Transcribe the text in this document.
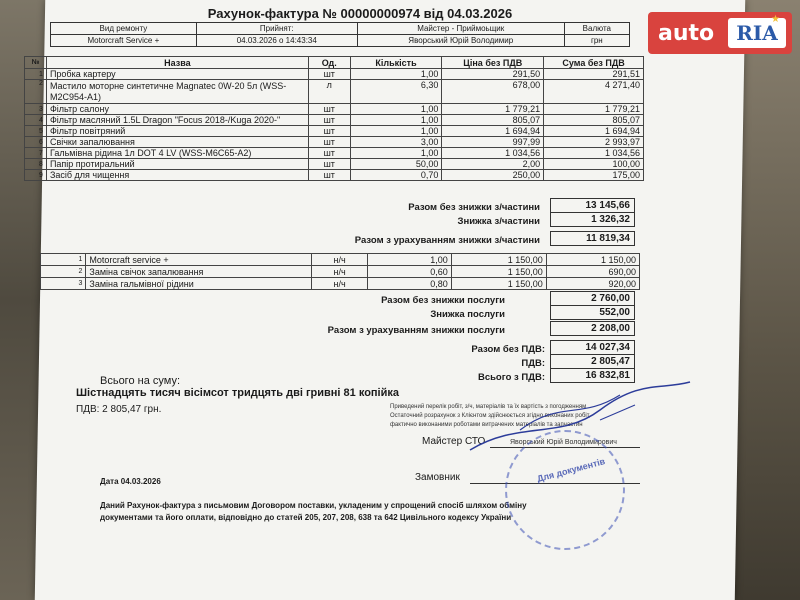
Рахунок-фактура № 00000000974 від 04.03.2026
Вид ремонту	Прийнят:	Майстер - Приймоьщик	Валюта
Motorcraft Service +	04.03.2026 о 14:43:34	Яворський Юрій Володимир	грн
№	Назва	Од.	Кількість	Ціна без ПДВ	Сума без ПДВ
1	Пробка картеру	шт	1,00	291,50	291,51
2	Мастило моторне синтетичне Magnatec 0W-20 5л (WSS-M2C954-A1)	л	6,30	678,00	4 271,40
3	Фільтр салону	шт	1,00	1 779,21	1 779,21
4	Фільтр масляний 1.5L Dragon "Focus 2018-/Kuga 2020-"	шт	1,00	805,07	805,07
5	Фільтр повітряний	шт	1,00	1 694,94	1 694,94
6	Свічки запалювання	шт	3,00	997,99	2 993,97
7	Гальмівна рідина 1л DOT 4 LV (WSS-M6C65-A2)	шт	1,00	1 034,56	1 034,56
8	Папір протиральний	шт	50,00	2,00	100,00
9	Засіб для чищення	шт	0,70	250,00	175,00
Разом без знижки з/частини	13 145,66
Знижка з/частини	1 326,32
Разом з урахуванням знижки з/частини	11 819,34
1	Motorcraft service +	н/ч	1,00	1 150,00	1 150,00
2	Заміна свічок запалювання	н/ч	0,60	1 150,00	690,00
3	Заміна гальмівної рідини	н/ч	0,80	1 150,00	920,00
Разом без знижки послуги	2 760,00
Знижка послуги	552,00
Разом з урахуванням знижки послуги	2 208,00
Разом без ПДВ:	14 027,34
ПДВ:	2 805,47
Всього з ПДВ:	16 832,81
Всього на суму:
Шістнадцять тисяч вісімсот тридцять дві гривні 81 копійка
ПДВ: 2 805,47 грн.	Приведений перелік робіт, з/ч, матеріалів та їх вартість з погодженням
Остаточний розрахунок з Клієнтом здійснюється згідно виконаних робіт,
фактично виконаними роботами витрачених матеріалів та запчастин
Майстер СТО	Яворський Юрій Володимирович
Замовник
Дата 04.03.2026
Даний Рахунок-фактура з письмовим Договором поставки, укладеним у спрощений спосіб шляхом обміну
документами та його оплати, відповідно до статей 205, 207, 208, 638 та 642 Цивільного кодексу України
Для документів
auto	RIA
★
